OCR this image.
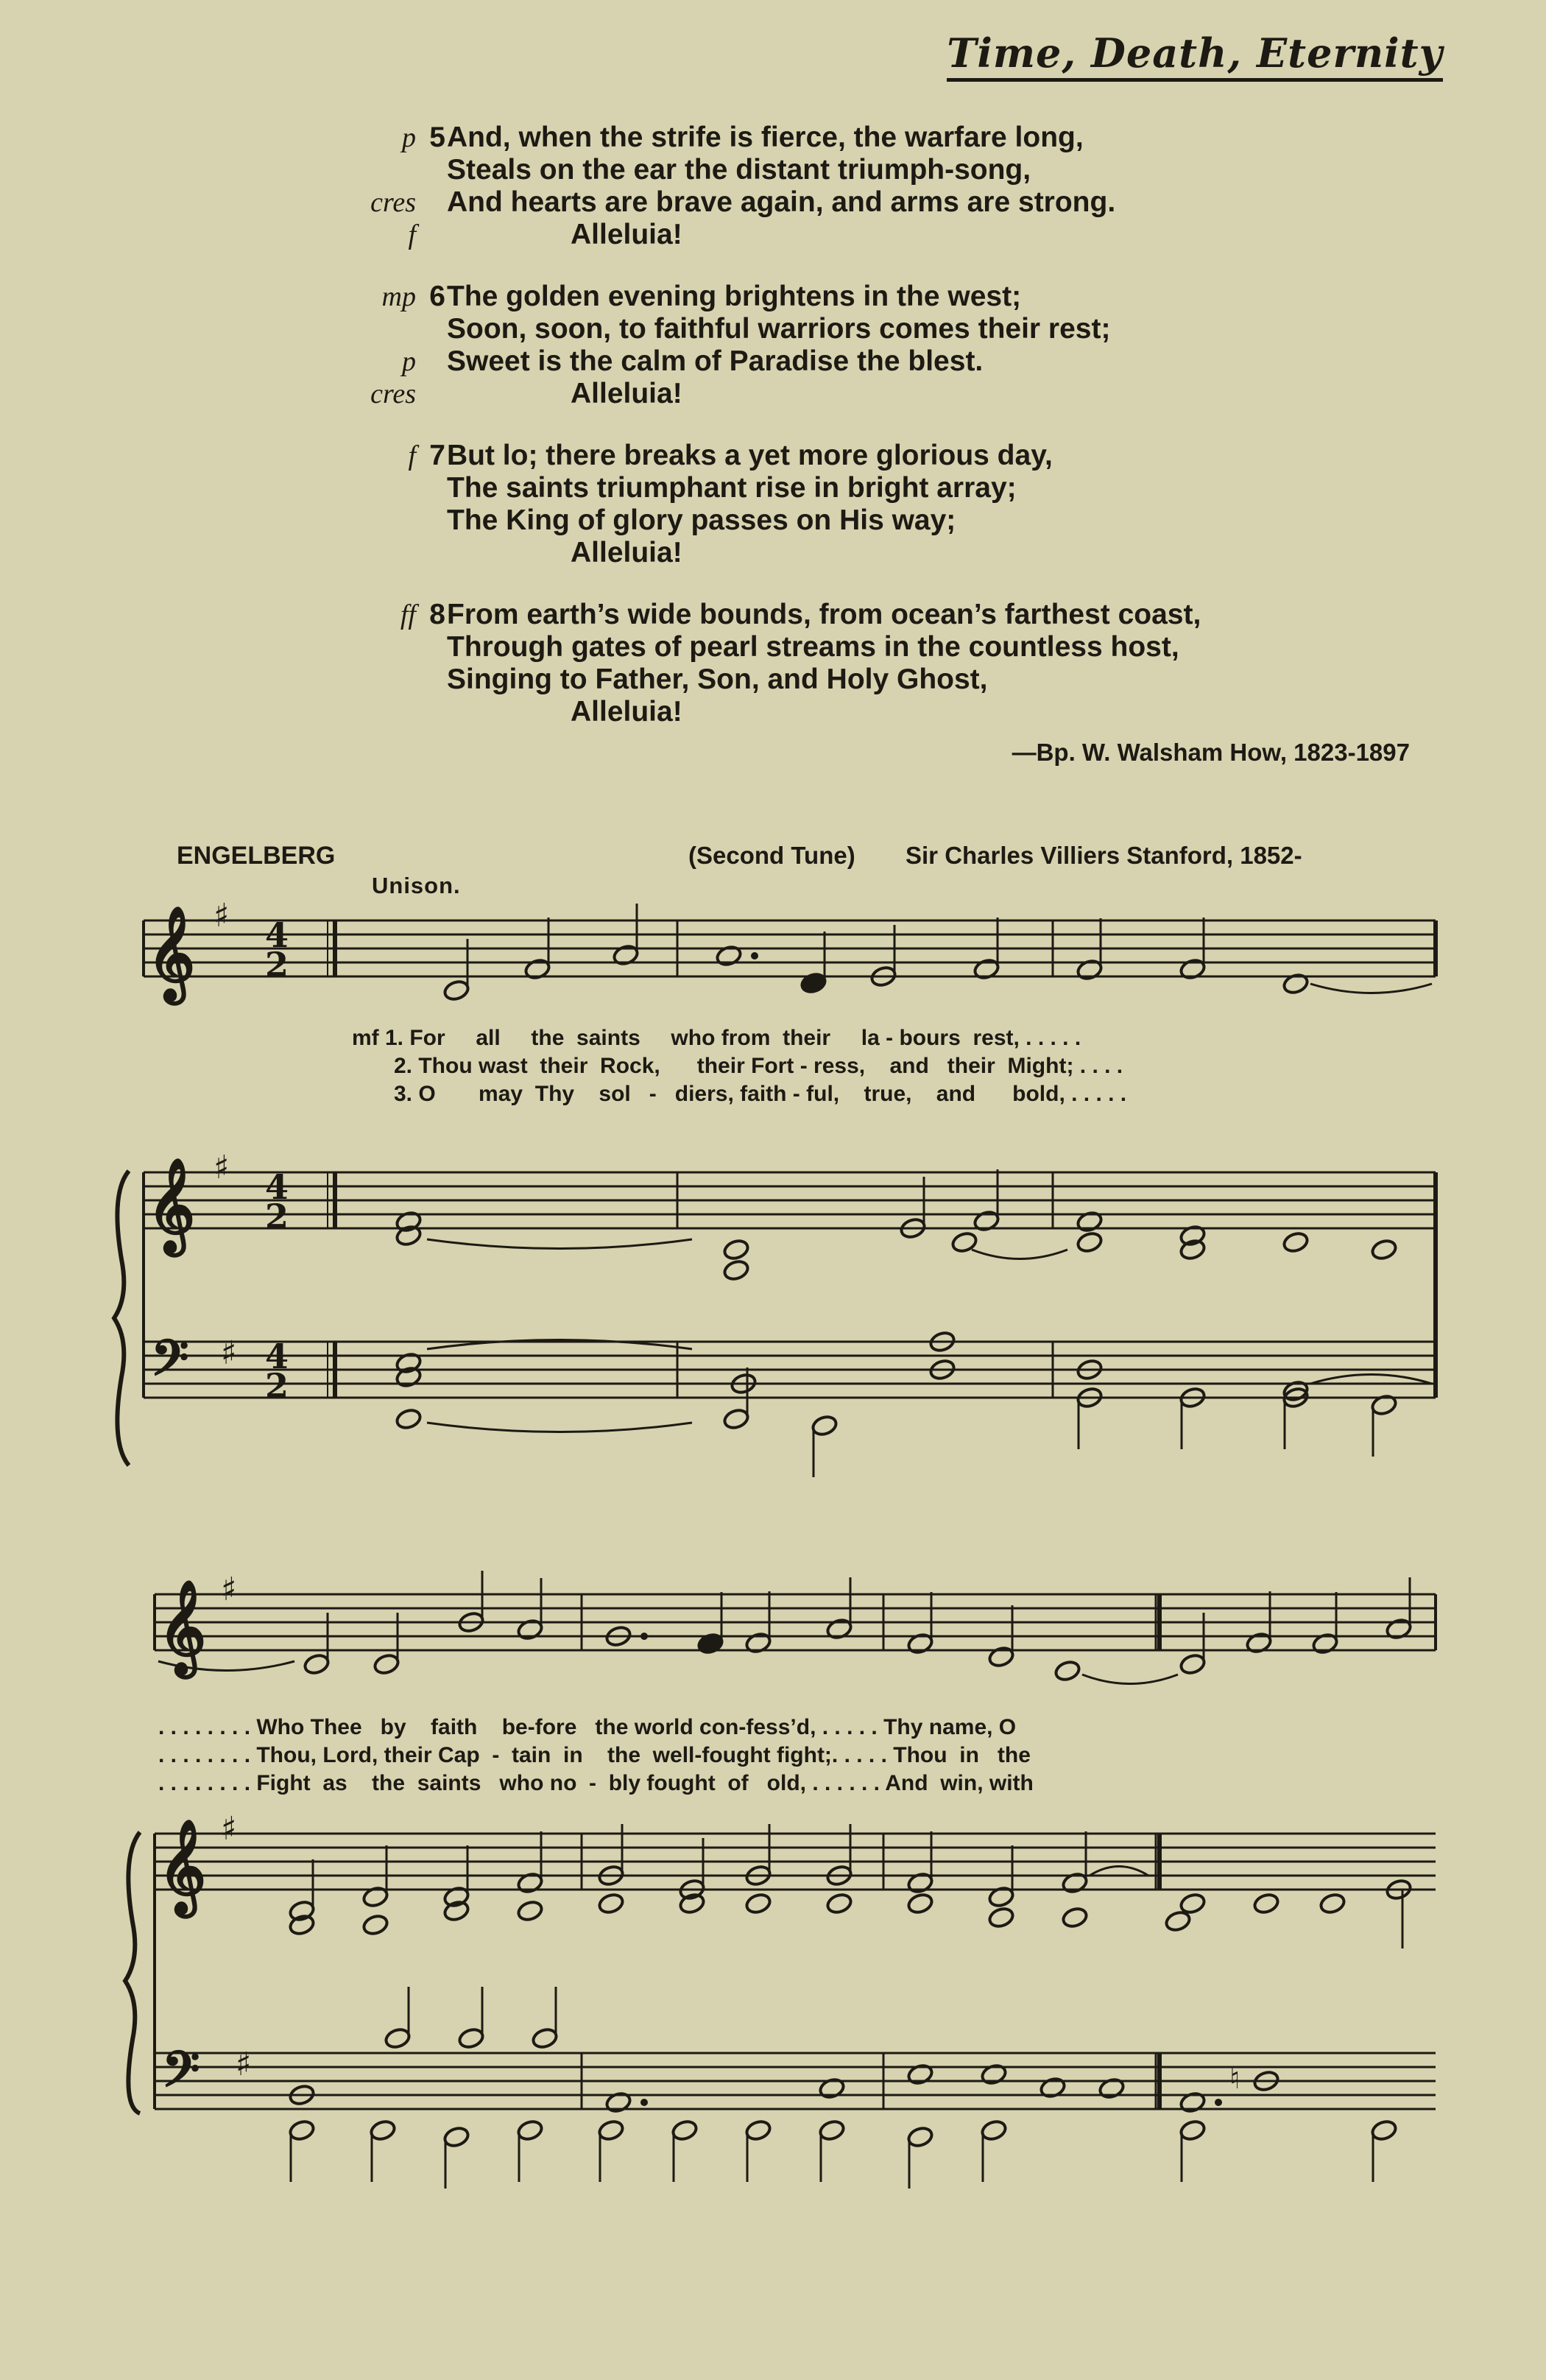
Time, Death, Eternity
p 5 And, when the strife is fierce, the warfare long,
Steals on the ear the distant triumph-song,
cres And hearts are brave again, and arms are strong.
f	Alleluia!
mp 6 The golden evening brightens in the west;
Soon, soon, to faithful warriors comes their rest;
p Sweet is the calm of Paradise the blest.
cres	Alleluia!
f 7 But lo; there breaks a yet more glorious day,
The saints triumphant rise in bright array;
The King of glory passes on His way;
Alleluia!
ff 8 From earth’s wide bounds, from ocean’s farthest coast,
Through gates of pearl streams in the countless host,
Singing to Father, Son, and Holy Ghost,
Alleluia!
—Bp. W. Walsham How, 1823-1897
ENGELBERG
Unison.
(Second Tune) Sir Charles Villiers Stanford, 1852-
mf 1. For     all     the  saints     who from  their     la - bours  rest, . . . . .
2. Thou wast  their  Rock,      their Fort - ress,    and   their  Might; . . . .
3. O       may  Thy    sol   -   diers, faith - ful,    true,    and      bold, . . . . .
. . . . . . . . Who Thee   by    faith    be-fore   the world con-fess’d, . . . . . Thy name, O
. . . . . . . . Thou, Lord, their Cap  -  tain  in    the  well-fought fight;. . . . . Thou  in   the
. . . . . . . . Fight  as    the  saints   who no  -  bly fought  of   old, . . . . . . And  win, with
𝄞
𝄞
𝄢
♯
♯
♯
4
2
4
2
4
2
𝄞
𝄞
𝄢
♯
♯
♯	♮
